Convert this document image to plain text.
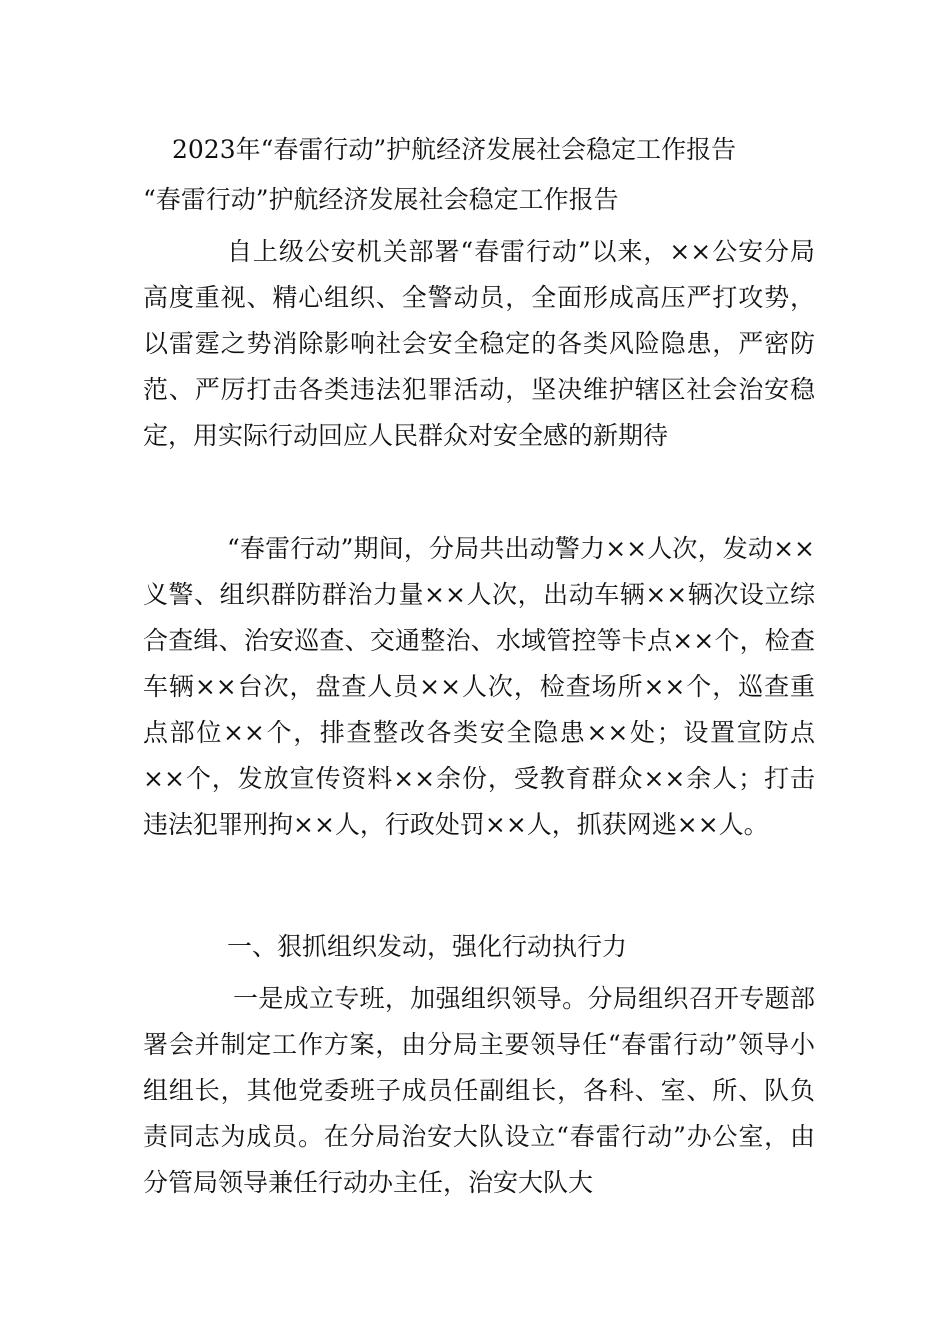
2023年“春雷行动”护航经济发展社会稳定工作报告
“春雷行动”护航经济发展社会稳定工作报告

自上级公安机关部署“春雷行动”以来，××公安分局高度重视、精心组织、全警动员，全面形成高压严打攻势，以雷霆之势消除影响社会安全稳定的各类风险隐患，严密防范、严厉打击各类违法犯罪活动，坚决维护辖区社会治安稳定，用实际行动回应人民群众对安全感的新期待

“春雷行动”期间，分局共出动警力××人次，发动××义警、组织群防群治力量××人次，出动车辆××辆次设立综合查缉、治安巡查、交通整治、水域管控等卡点××个，检查车辆××台次，盘查人员××人次，检查场所××个，巡查重点部位××个，排查整改各类安全隐患××处；设置宣防点××个，发放宣传资料××余份，受教育群众××余人；打击违法犯罪刑拘××人，行政处罚××人，抓获网逃××人。

一、狠抓组织发动，强化行动执行力

一是成立专班，加强组织领导。分局组织召开专题部署会并制定工作方案，由分局主要领导任“春雷行动”领导小组组长，其他党委班子成员任副组长，各科、室、所、队负责同志为成员。在分局治安大队设立“春雷行动”办公室，由分管局领导兼任行动办主任，治安大队大
